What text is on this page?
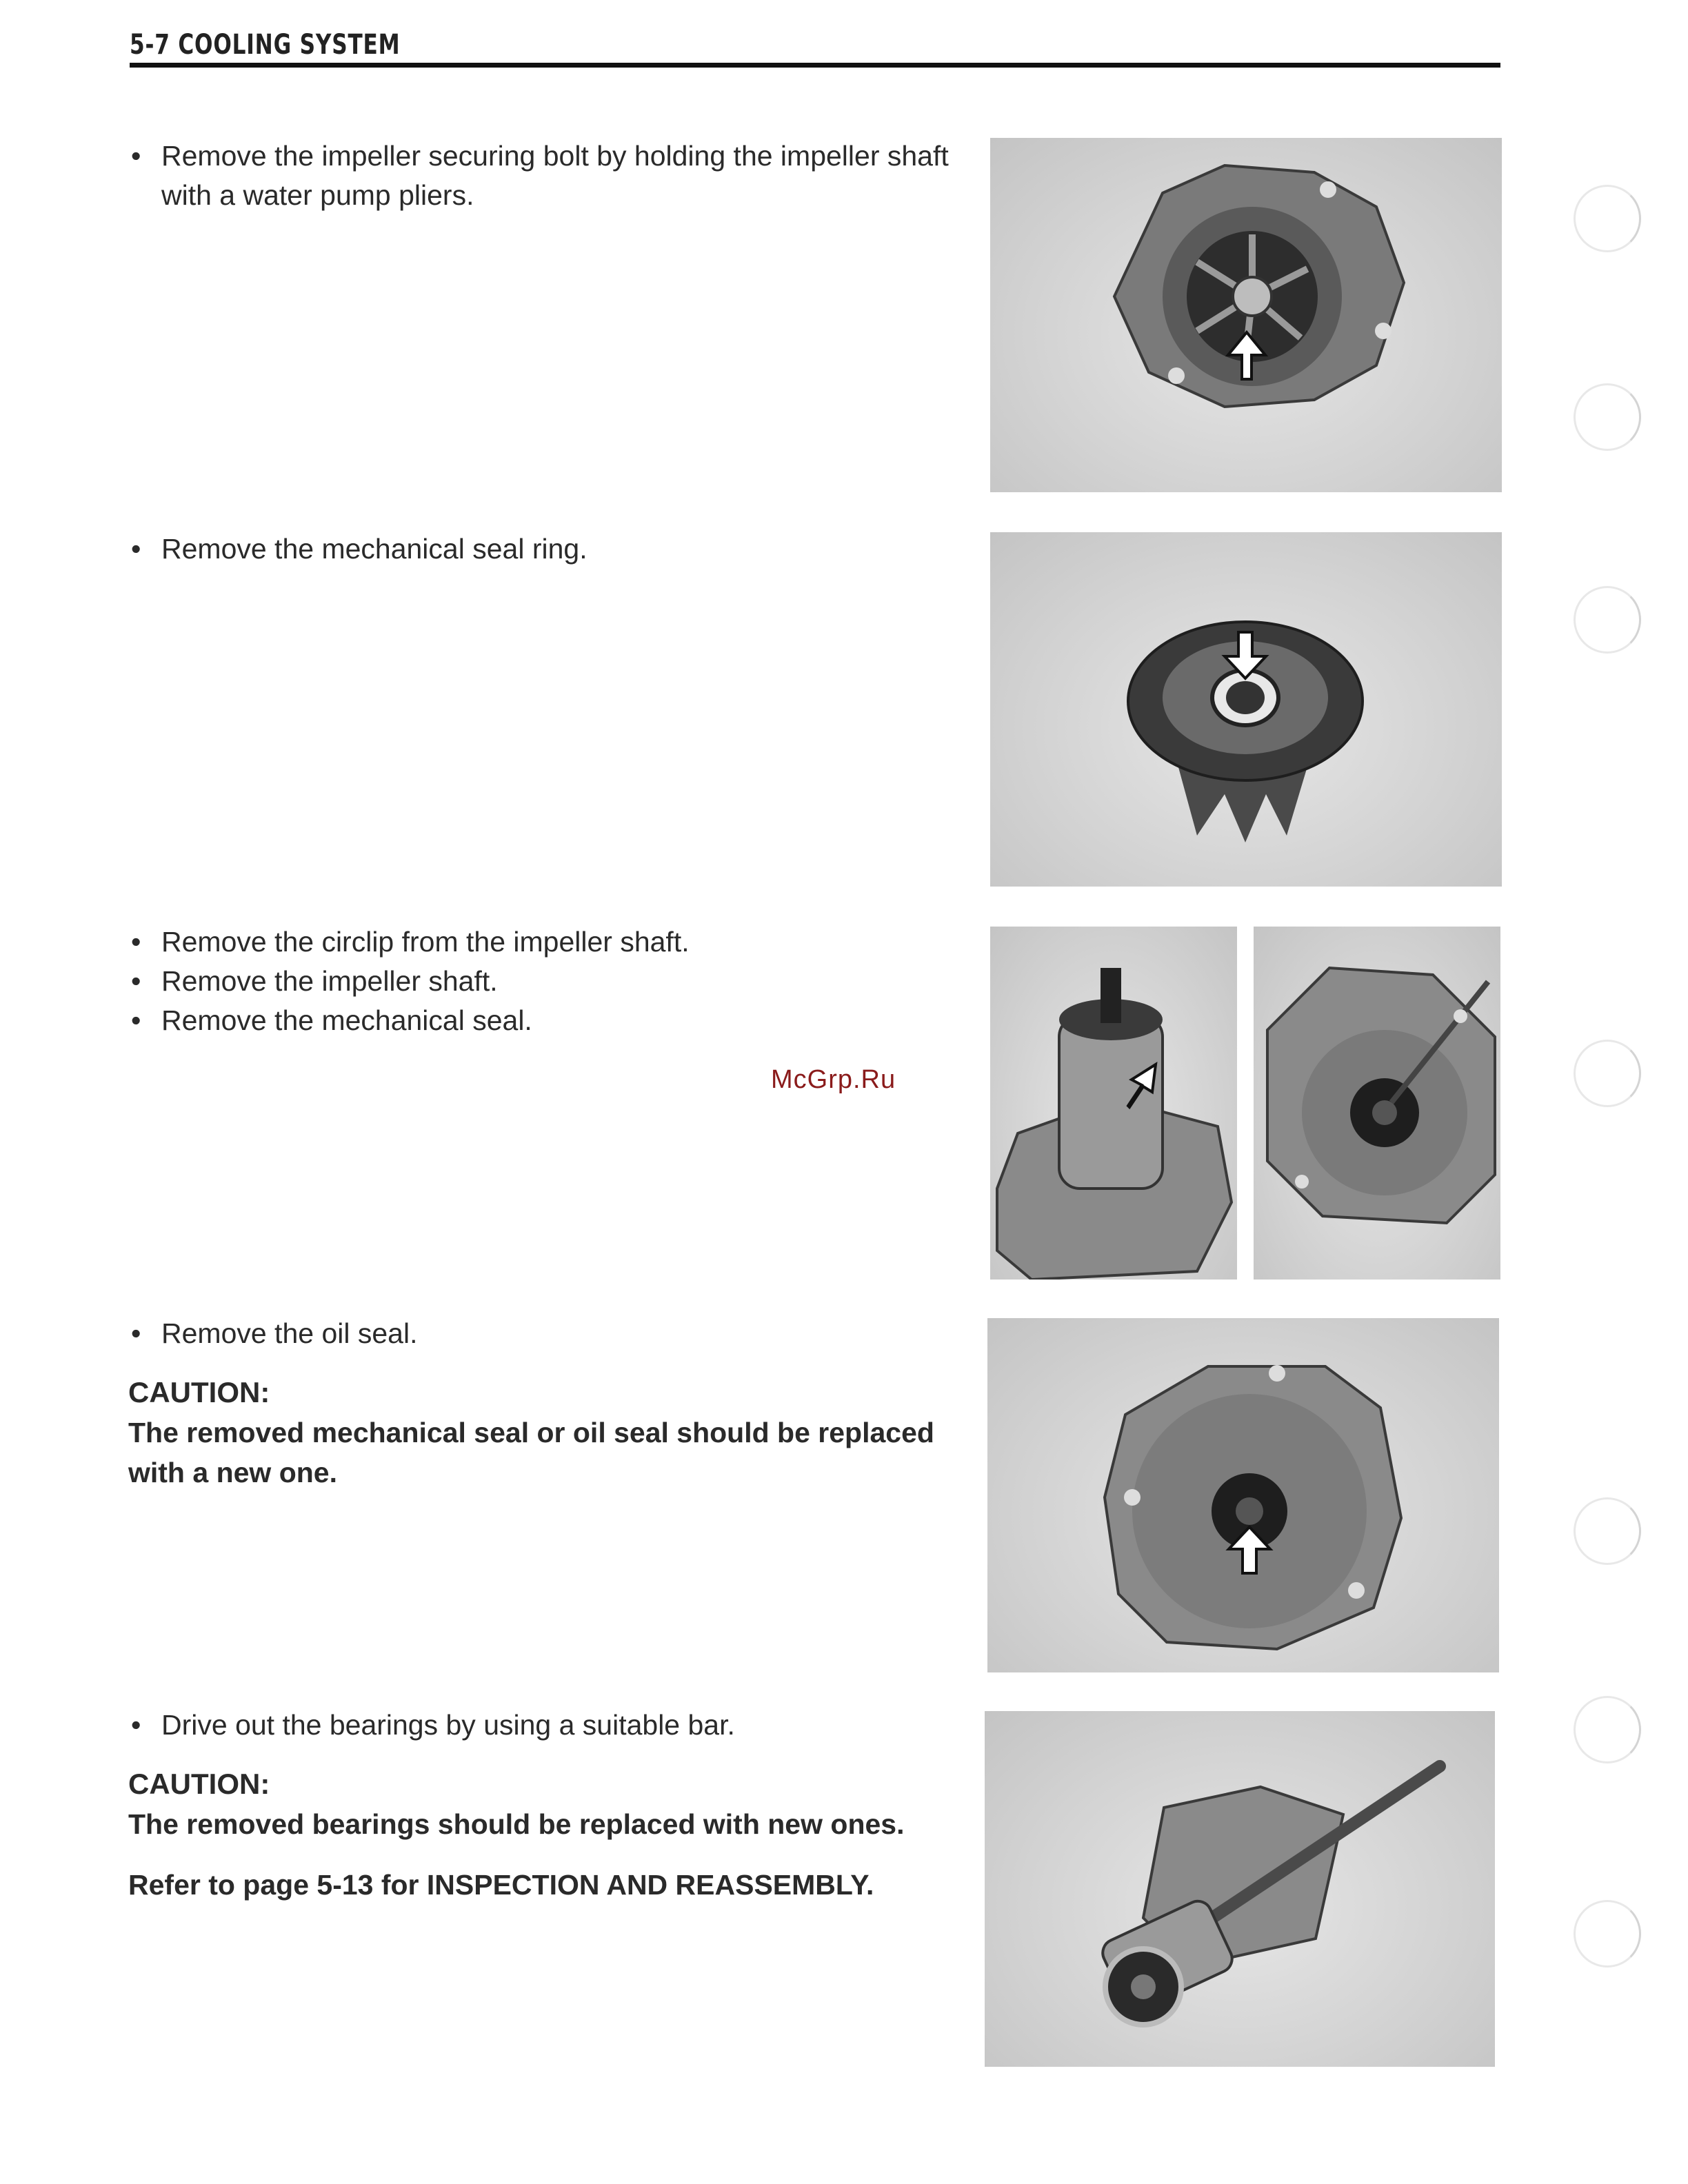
5-7 COOLING SYSTEM

• Remove the impeller securing bolt by holding the impeller shaft with a water pump pliers.

• Remove the mechanical seal ring.

• Remove the circlip from the impeller shaft.

• Remove the impeller shaft.

• Remove the mechanical seal.

McGrp.Ru

• Remove the oil seal.

CAUTION:
The removed mechanical seal or oil seal should be replaced with a new one.

• Drive out the bearings by using a suitable bar.

CAUTION:
The removed bearings should be replaced with new ones.
Refer to page 5-13 for INSPECTION AND REASSEMBLY.
